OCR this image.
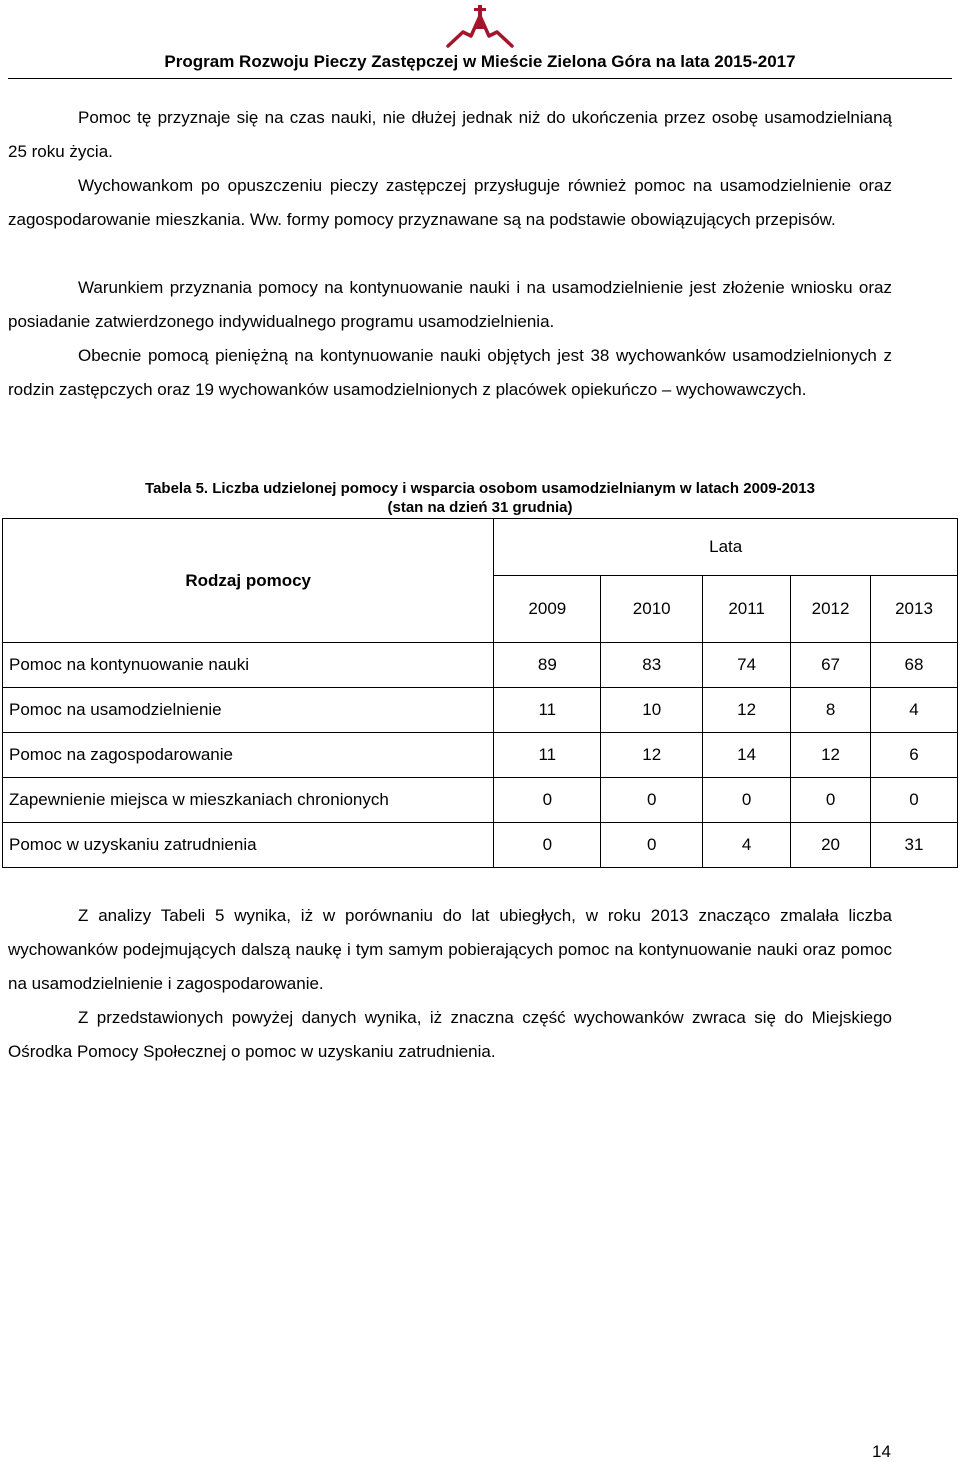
Program Rozwoju Pieczy Zastępczej w Mieście Zielona Góra na lata 2015-2017

Pomoc tę przyznaje się na czas nauki, nie dłużej jednak niż do ukończenia przez osobę usamodzielnianą 25 roku życia.

Wychowankom po opuszczeniu pieczy zastępczej przysługuje również pomoc na usamodzielnienie oraz zagospodarowanie mieszkania. Ww. formy pomocy przyznawane są na podstawie obowiązujących przepisów.

Warunkiem przyznania pomocy na kontynuowanie nauki i na usamodzielnienie jest złożenie wniosku oraz posiadanie zatwierdzonego indywidualnego programu usamodzielnienia.

Obecnie pomocą pieniężną na kontynuowanie nauki objętych jest 38 wychowanków usamodzielnionych z rodzin zastępczych oraz 19 wychowanków usamodzielnionych z placówek opiekuńczo – wychowawczych.

Tabela 5. Liczba udzielonej pomocy i wsparcia osobom usamodzielnianym w latach 2009-2013
(stan na dzień 31 grudnia)
Rodzaj pomocy	Lata				
	2009	2010	2011	2012	2013
Pomoc na kontynuowanie nauki	89	83	74	67	68
Pomoc na usamodzielnienie	11	10	12	8	4
Pomoc na zagospodarowanie	11	12	14	12	6
Zapewnienie miejsca w mieszkaniach chronionych	0	0	0	0	0
Pomoc w uzyskaniu zatrudnienia	0	0	4	20	31

Z analizy Tabeli 5 wynika, iż w porównaniu do lat ubiegłych, w roku 2013 znacząco zmalała liczba wychowanków podejmujących dalszą naukę i tym samym pobierających pomoc na kontynuowanie nauki oraz pomoc na usamodzielnienie i zagospodarowanie.

Z przedstawionych powyżej danych wynika, iż znaczna część wychowanków zwraca się do Miejskiego Ośrodka Pomocy Społecznej o pomoc w uzyskaniu zatrudnienia.

14
